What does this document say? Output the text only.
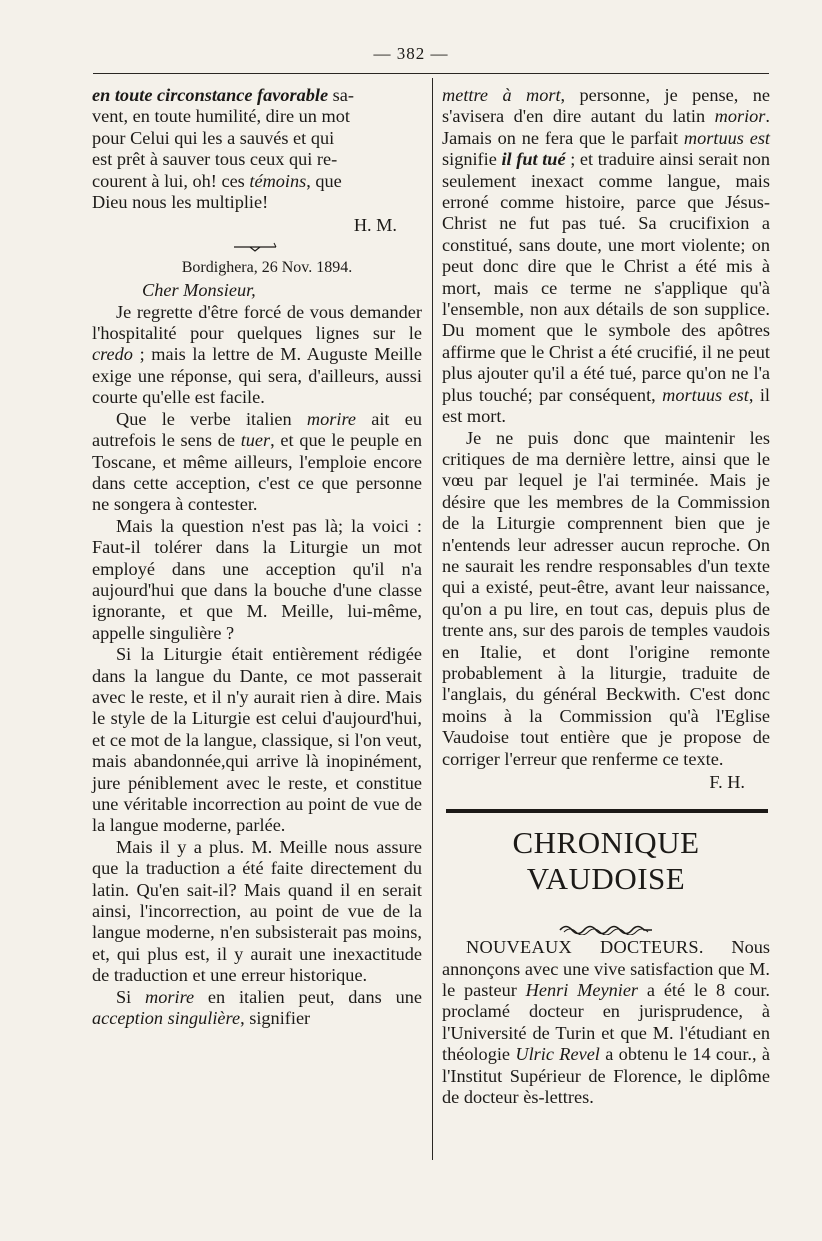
— 382 —

en toute circonstance favorable sa-

vent, en toute humilité, dire un mot

pour Celui qui les a sauvés et qui

est prêt à sauver tous ceux qui re-

courent à lui, oh! ces témoins, que

Dieu nous les multiplie!

H. M.

Bordighera, 26 Nov. 1894.

Cher Monsieur,

Je regrette d'être forcé de vous demander l'hospitalité pour quelques lignes sur le credo ; mais la lettre de M. Auguste Meille exige une réponse, qui sera, d'ailleurs, aussi courte qu'elle est facile.

Que le verbe italien morire ait eu autrefois le sens de tuer, et que le peuple en Toscane, et même ailleurs, l'emploie encore dans cette acception, c'est ce que personne ne songera à contester.

Mais la question n'est pas là; la voici : Faut-il tolérer dans la Liturgie un mot employé dans une acception qu'il n'a aujourd'hui que dans la bouche d'une classe ignorante, et que M. Meille, lui-même, appelle singulière ?

Si la Liturgie était entièrement rédigée dans la langue du Dante, ce mot passerait avec le reste, et il n'y aurait rien à dire. Mais le style de la Liturgie est celui d'aujourd'hui, et ce mot de la langue, classique, si l'on veut, mais abandonnée,qui arrive là inopinément, jure péniblement avec le reste, et constitue une véritable incorrection au point de vue de la langue moderne, parlée.

Mais il y a plus. M. Meille nous assure que la traduction a été faite directement du latin. Qu'en sait-il? Mais quand il en serait ainsi, l'incorrection, au point de vue de la langue moderne, n'en subsisterait pas moins, et, qui plus est, il y aurait une inexactitude de traduction et une erreur historique.

Si morire en italien peut, dans une acception singulière, signifier

mettre à mort, personne, je pense, ne s'avisera d'en dire autant du latin morior. Jamais on ne fera que le parfait mortuus est signifie il fut tué ; et traduire ainsi serait non seulement inexact comme langue, mais erroné comme histoire, parce que Jésus-Christ ne fut pas tué. Sa crucifixion a constitué, sans doute, une mort violente; on peut donc dire que le Christ a été mis à mort, mais ce terme ne s'applique qu'à l'ensemble, non aux détails de son supplice. Du moment que le symbole des apôtres affirme que le Christ a été crucifié, il ne peut plus ajouter qu'il a été tué, parce qu'on ne l'a plus touché; par conséquent, mortuus est, il est mort.

Je ne puis donc que maintenir les critiques de ma dernière lettre, ainsi que le vœu par lequel je l'ai terminée. Mais je désire que les membres de la Commission de la Liturgie comprennent bien que je n'entends leur adresser aucun reproche. On ne saurait les rendre responsables d'un texte qui a existé, peut-être, avant leur naissance, qu'on a pu lire, en tout cas, depuis plus de trente ans, sur des parois de temples vaudois en Italie, et dont l'origine remonte probablement à la liturgie, traduite de l'anglais, du général Beckwith. C'est donc moins à la Commission qu'à l'Eglise Vaudoise tout entière que je propose de corriger l'erreur que renferme ce texte.

F. H.

CHRONIQUE VAUDOISE

NOUVEAUX DOCTEURS. Nous annonçons avec une vive satisfaction que M. le pasteur Henri Meynier a été le 8 cour. proclamé docteur en jurisprudence, à l'Université de Turin et que M. l'étudiant en théologie Ulric Revel a obtenu le 14 cour., à l'Institut Supérieur de Florence, le diplôme de docteur ès-lettres.
